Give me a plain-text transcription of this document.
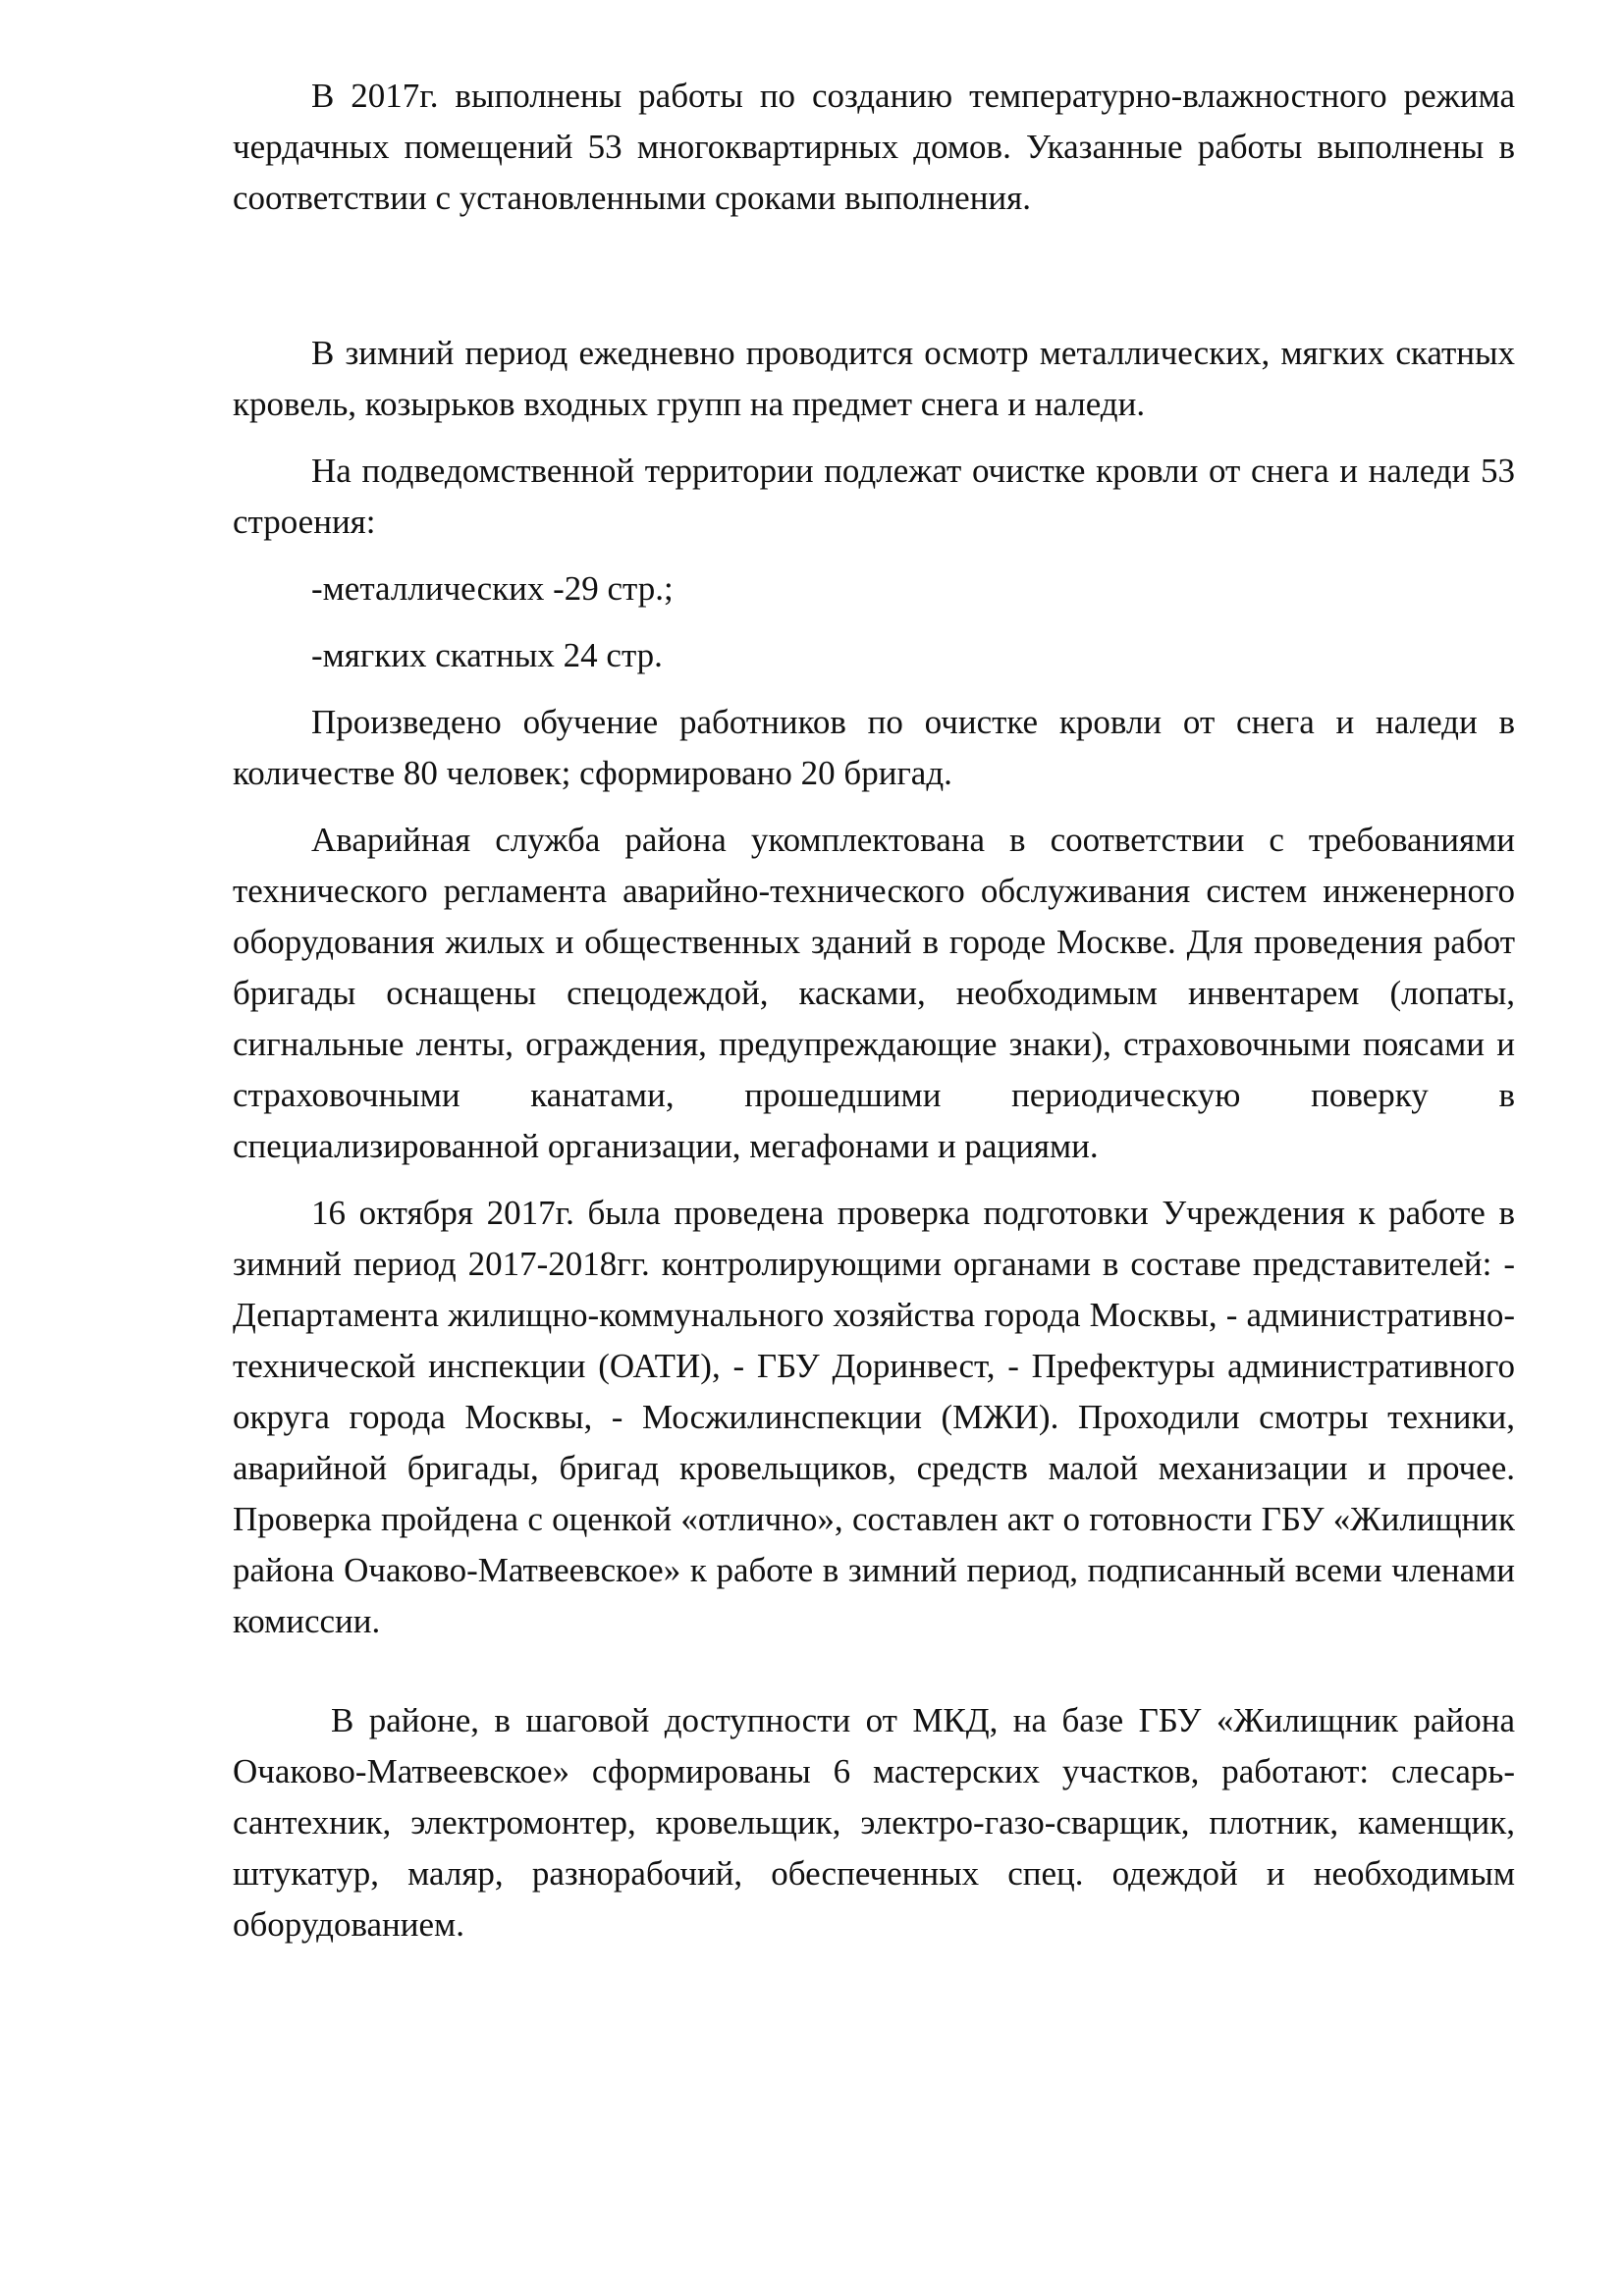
В 2017г. выполнены работы по созданию температурно-влажностного режима чердачных помещений 53 многоквартирных домов. Указанные работы выполнены в соответствии с установленными сроками выполнения.

В зимний период ежедневно проводится осмотр металлических, мягких скатных кровель, козырьков входных групп на предмет снега и наледи.

На подведомственной территории подлежат очистке кровли от снега и наледи 53 строения:

-металлических -29 стр.;

-мягких скатных 24 стр.

Произведено обучение работников по очистке кровли от снега и наледи в количестве 80 человек; сформировано 20 бригад.

Аварийная служба района укомплектована в соответствии с требованиями технического регламента аварийно-технического обслуживания систем инженерного оборудования жилых и общественных зданий в городе Москве. Для проведения работ бригады оснащены спецодеждой, касками, необходимым инвентарем (лопаты, сигнальные ленты, ограждения, предупреждающие знаки), страховочными поясами и страховочными канатами, прошедшими периодическую поверку в специализированной организации, мегафонами и рациями.

16 октября 2017г. была проведена проверка подготовки Учреждения к работе в зимний период 2017-2018гг. контролирующими органами в составе представителей: - Департамента жилищно-коммунального хозяйства города Москвы, - административно-технической инспекции (ОАТИ), - ГБУ Доринвест, - Префектуры административного округа города Москвы, - Мосжилинспекции (МЖИ). Проходили смотры техники, аварийной бригады, бригад кровельщиков, средств малой механизации и прочее. Проверка пройдена с оценкой «отлично», составлен акт о готовности ГБУ «Жилищник района Очаково-Матвеевское» к работе в зимний период, подписанный всеми членами комиссии.

В районе, в шаговой доступности от МКД, на базе ГБУ «Жилищник района Очаково-Матвеевское» сформированы 6 мастерских участков, работают: слесарь-сантехник, электромонтер, кровельщик, электро-газо-сварщик, плотник, каменщик, штукатур, маляр, разнорабочий, обеспеченных спец. одеждой и необходимым оборудованием.
